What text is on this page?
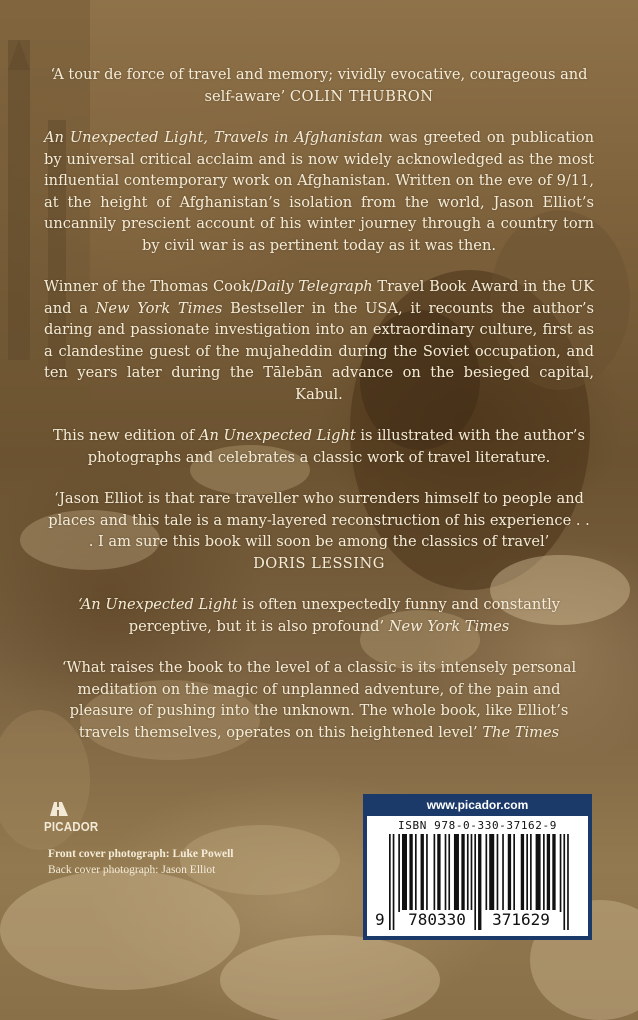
‘A tour de force of travel and memory; vividly evocative, courageous and self-aware’ COLIN THUBRON

An Unexpected Light, Travels in Afghanistan was greeted on publication by universal critical acclaim and is now widely acknowledged as the most influential contemporary work on Afghanistan. Written on the eve of 9/11, at the height of Afghanistan’s isolation from the world, Jason Elliot’s uncannily prescient account of his winter journey through a country torn by civil war is as pertinent today as it was then.

Winner of the Thomas Cook/Daily Telegraph Travel Book Award in the UK and a New York Times Bestseller in the USA, it recounts the author’s daring and passionate investigation into an extraordinary culture, first as a clandestine guest of the mujaheddin during the Soviet occupation, and ten years later during the Tālebān advance on the besieged capital, Kabul.

This new edition of An Unexpected Light is illustrated with the author’s photographs and celebrates a classic work of travel literature.

‘Jason Elliot is that rare traveller who surrenders himself to people and places and this tale is a many-layered reconstruction of his experience . . . I am sure this book will soon be among the classics of travel’
DORIS LESSING

‘An Unexpected Light is often unexpectedly funny and constantly perceptive, but it is also profound’ New York Times

‘What raises the book to the level of a classic is its intensely personal meditation on the magic of unplanned adventure, of the pain and pleasure of pushing into the unknown. The whole book, like Elliot’s travels themselves, operates on this heightened level’ The Times

PICADOR
Front cover photograph: Luke Powell
Back cover photograph: Jason Elliot
www.picador.com
ISBN 978-0-330-37162-9
9	780330	371629
